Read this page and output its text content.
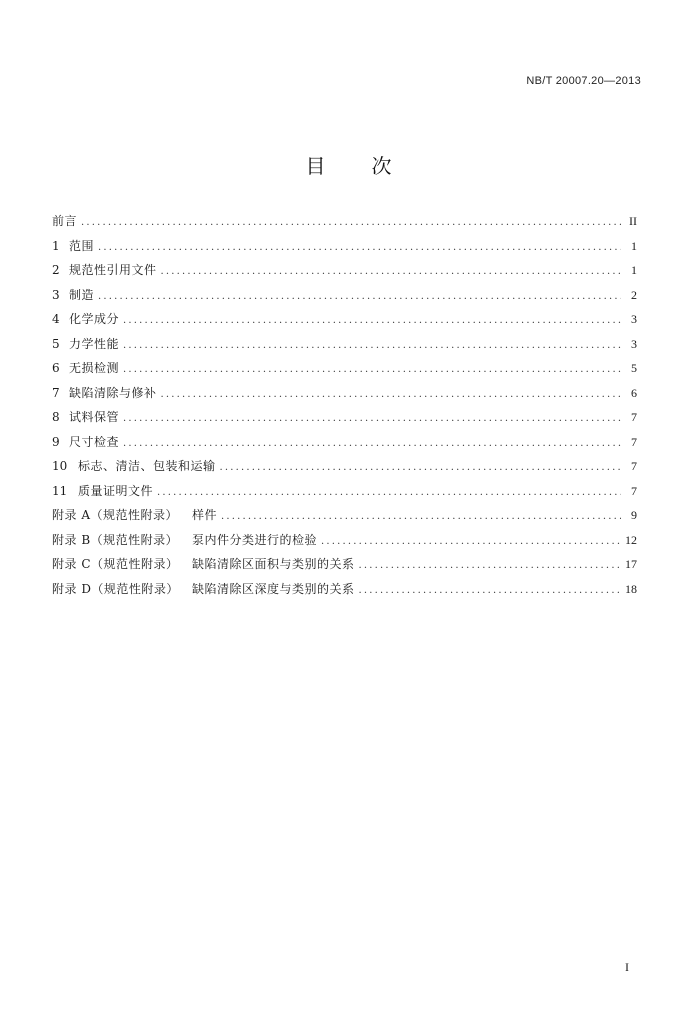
NB/T 20007.20—2013
目次
前言 .....	II
1 范围 .....	1
2 规范性引用文件 .....	1
3 制造 .....	2
4 化学成分 .....	3
5 力学性能 .....	3
6 无损检测 .....	5
7 缺陷清除与修补 .....	6
8 试料保管 .....	7
9 尺寸检查 .....	7
10 标志、清洁、包装和运输 .....	7
11 质量证明文件 .....	7
附录 A（规范性附录）	样件 .....	9
附录 B（规范性附录）	泵内件分类进行的检验 .....	12
附录 C（规范性附录）	缺陷清除区面积与类别的关系 .....	17
附录 D（规范性附录）	缺陷清除区深度与类别的关系 .....	18
I
